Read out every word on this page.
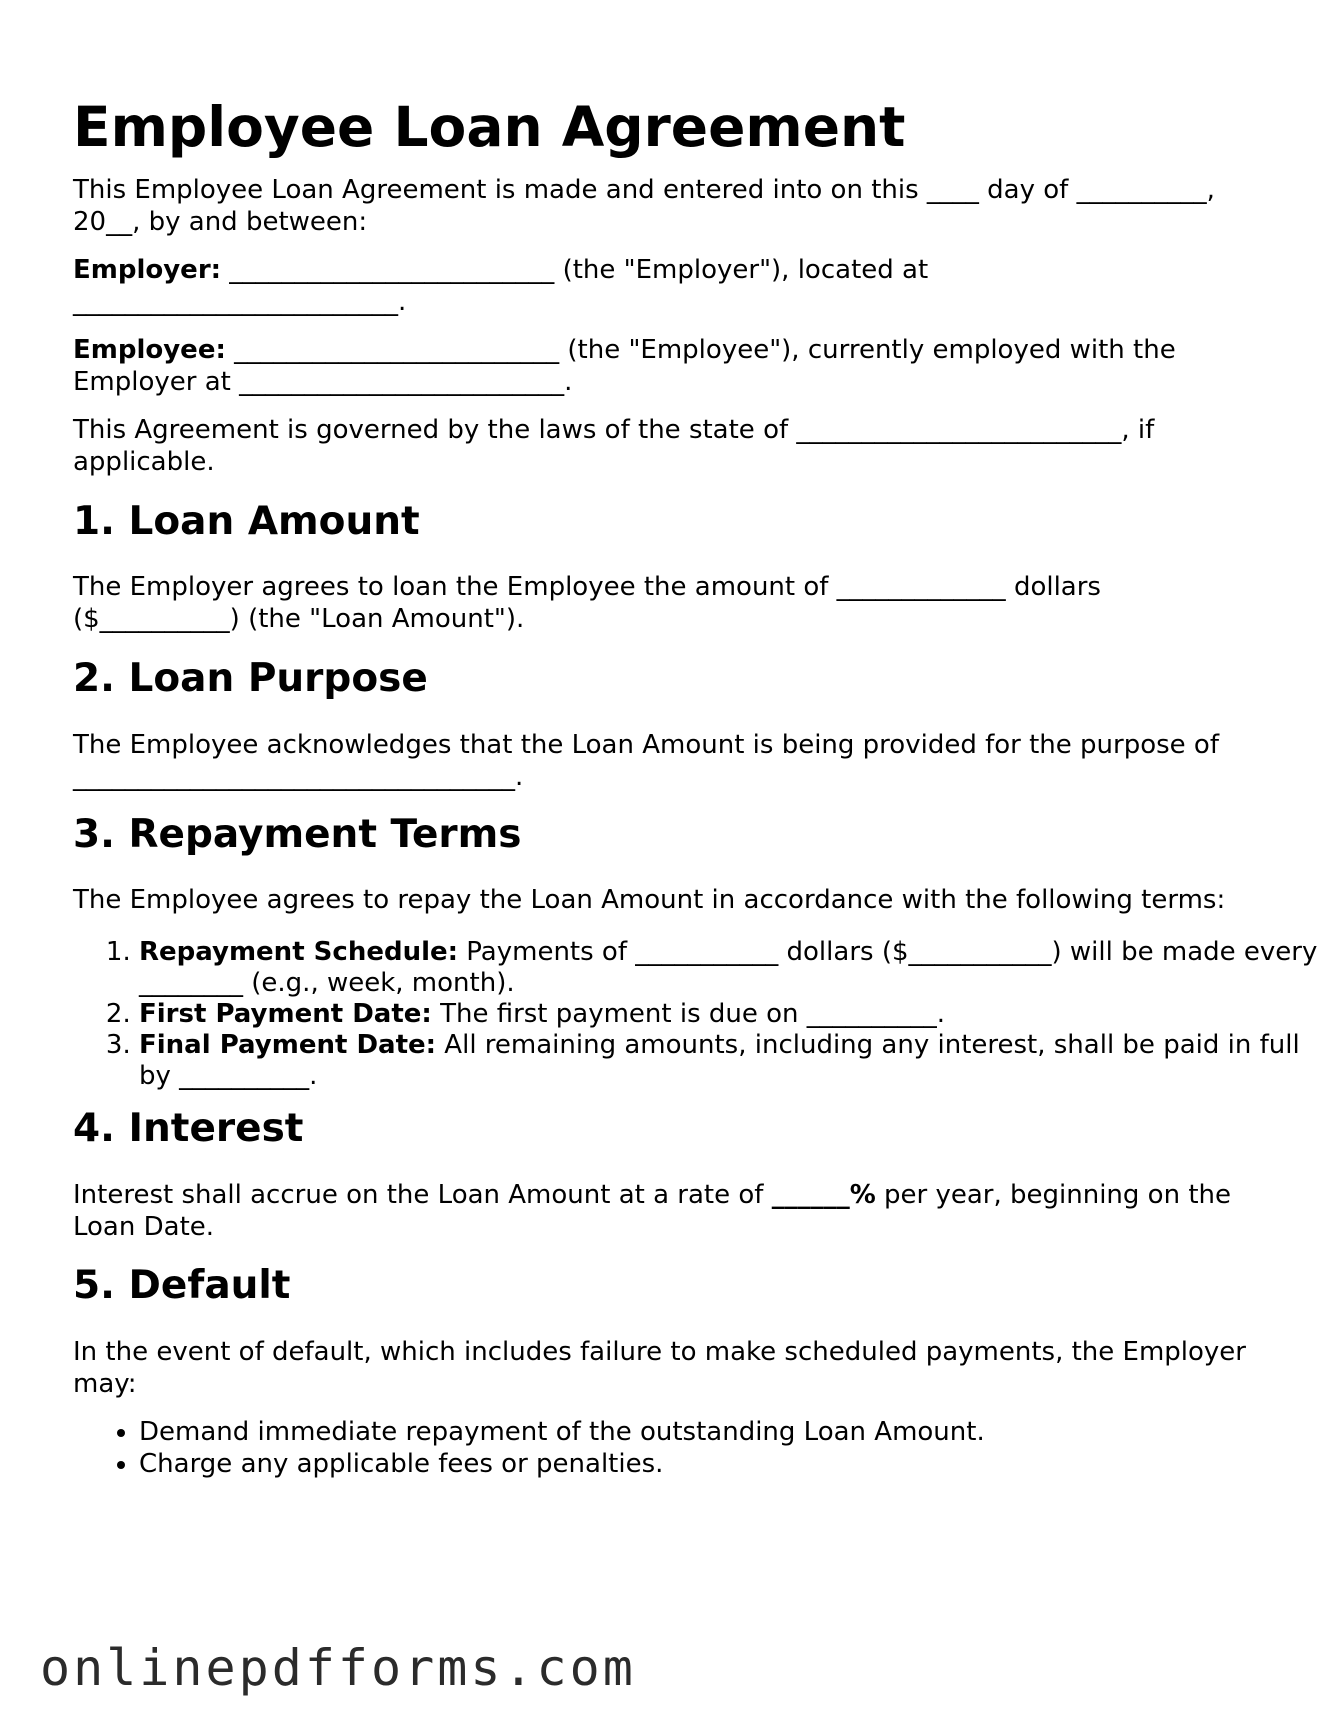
Employee Loan Agreement

This Employee Loan Agreement is made and entered into on this ____ day of __________, 20__, by and between:

Employer: _________________________ (the "Employer"), located at _________________________.

Employee: _________________________ (the "Employee"), currently employed with the Employer at _________________________.

This Agreement is governed by the laws of the state of _________________________, if applicable.

1. Loan Amount

The Employer agrees to loan the Employee the amount of _____________ dollars ($__________) (the "Loan Amount").

2. Loan Purpose

The Employee acknowledges that the Loan Amount is being provided for the purpose of __________________________________.

3. Repayment Terms

The Employee agrees to repay the Loan Amount in accordance with the following terms:

1. Repayment Schedule: Payments of ___________ dollars ($___________) will be made every ________ (e.g., week, month).
2. First Payment Date: The first payment is due on __________.
3. Final Payment Date: All remaining amounts, including any interest, shall be paid in full by __________.
4. Interest

Interest shall accrue on the Loan Amount at a rate of ______% per year, beginning on the Loan Date.

5. Default

In the event of default, which includes failure to make scheduled payments, the Employer may:

• Demand immediate repayment of the outstanding Loan Amount.
• Charge any applicable fees or penalties.
onlinepdfforms.com
